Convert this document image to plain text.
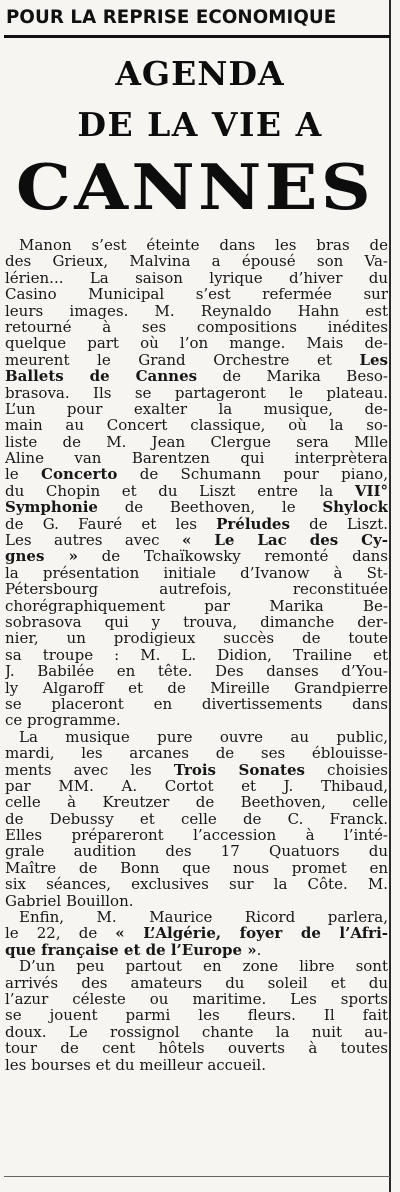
POUR LA REPRISE ECONOMIQUE
AGENDA
DE LA VIE A
CANNES
Manon s’est éteinte dans les bras de
des Grieux, Malvina a épousé son Va-
lérien... La saison lyrique d’hiver du
Casino Municipal s’est refermée sur
leurs images. M. Reynaldo Hahn est
retourné à ses compositions inédites
quelque part où l’on mange. Mais de-
meurent le Grand Orchestre et Les
Ballets de Cannes de Marika Beso-
brasova. Ils se partageront le plateau.
L’un pour exalter la musique, de-
main au Concert classique, où la so-
liste de M. Jean Clergue sera Mlle
Aline van Barentzen qui interprètera
le Concerto de Schumann pour piano,
du Chopin et du Liszt entre la VII°
Symphonie de Beethoven, le Shylock
de G. Fauré et les Préludes de Liszt.
Les autres avec « Le Lac des Cy-
gnes » de Tchaïkowsky remonté dans
la présentation initiale d’Ivanow à St-
Pétersbourg autrefois, reconstituée
chorégraphiquement par Marika Be-
sobrasova qui y trouva, dimanche der-
nier, un prodigieux succès de toute
sa troupe : M. L. Didion, Trailine et
J. Babilée en tête. Des danses d’You-
ly Algaroff et de Mireille Grandpierre
se placeront en divertissements dans
ce programme.
La musique pure ouvre au public,
mardi, les arcanes de ses éblouisse-
ments avec les Trois Sonates choisies
par MM. A. Cortot et J. Thibaud,
celle à Kreutzer de Beethoven, celle
de Debussy et celle de C. Franck.
Elles prépareront l’accession à l’inté-
grale audition des 17 Quatuors du
Maître de Bonn que nous promet en
six séances, exclusives sur la Côte. M.
Gabriel Bouillon.
Enfin, M. Maurice Ricord parlera,
le 22, de « L’Algérie, foyer de l’Afri-
que française et de l’Europe ».
D’un peu partout en zone libre sont
arrivés des amateurs du soleil et du
l’azur céleste ou maritime. Les sports
se jouent parmi les fleurs. Il fait
doux. Le rossignol chante la nuit au-
tour de cent hôtels ouverts à toutes
les bourses et du meilleur accueil.
